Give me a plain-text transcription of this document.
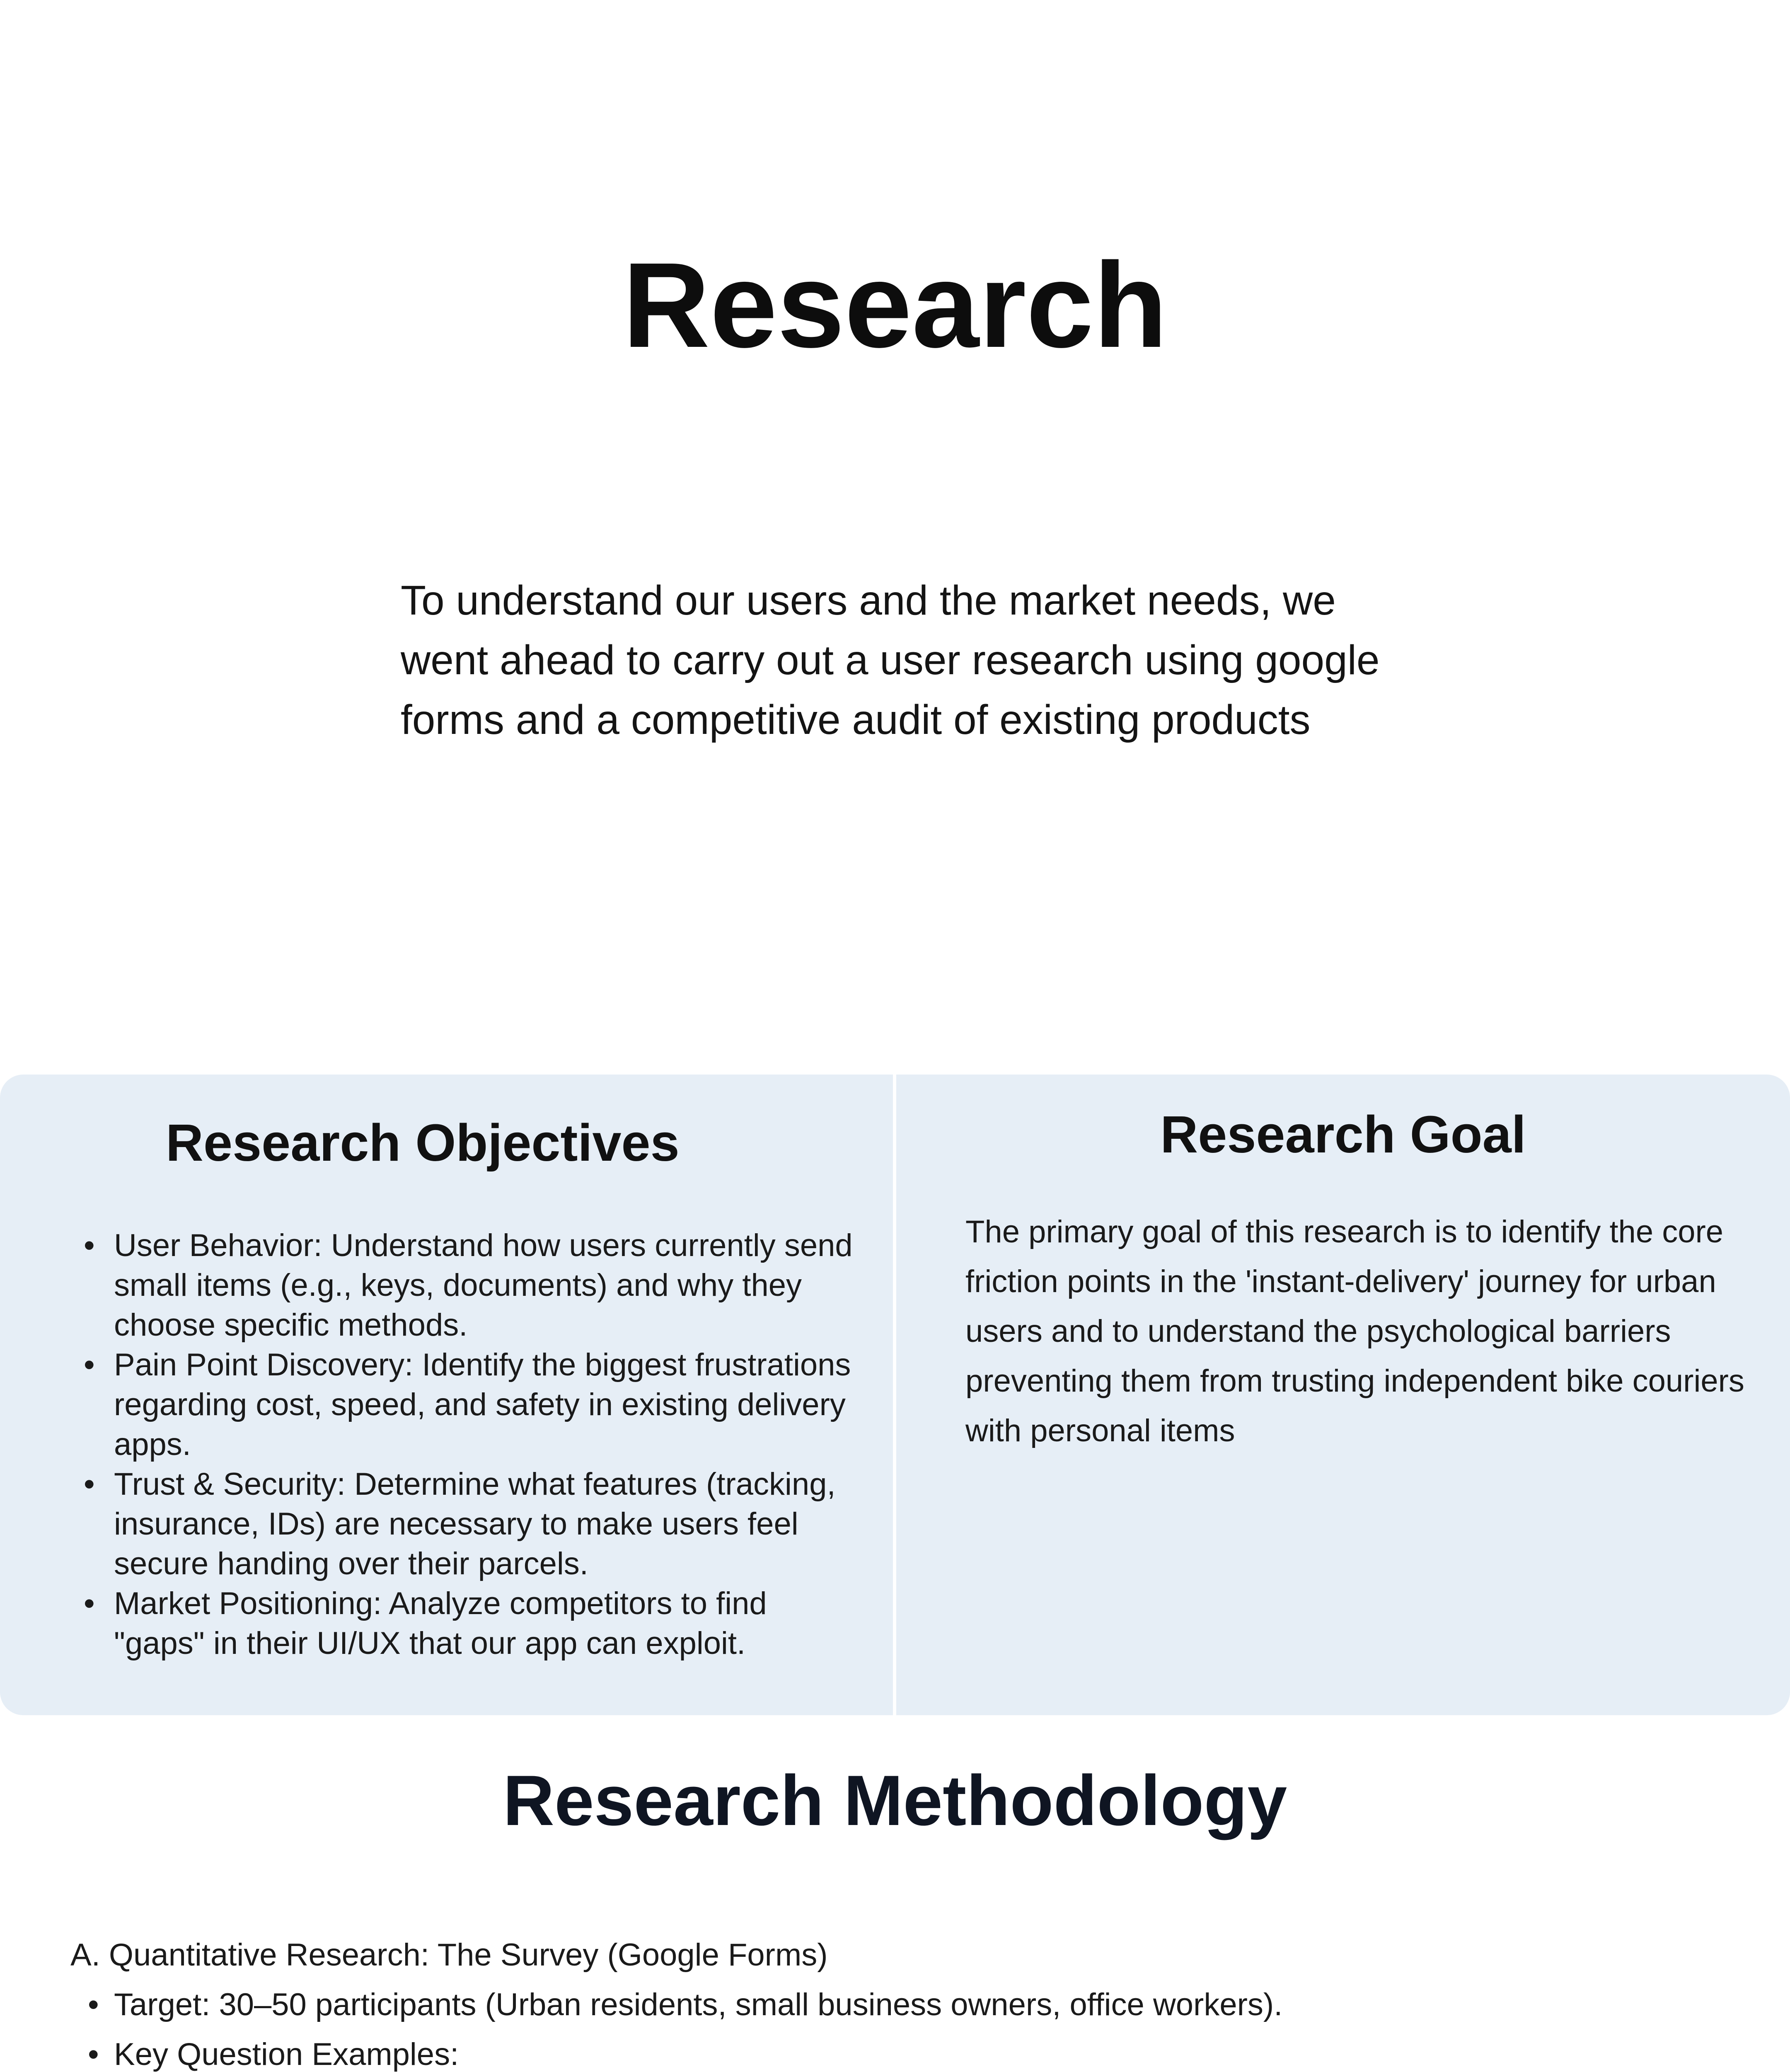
Research

To understand our users and the market needs, we went ahead to carry out a user research using google forms and a competitive audit of existing products

Research Objectives
• User Behavior: Understand how users currently send small items (e.g., keys, documents) and why they choose specific methods.
• Pain Point Discovery: Identify the biggest frustrations regarding cost, speed, and safety in existing delivery apps.
• Trust & Security: Determine what features (tracking, insurance, IDs) are necessary to make users feel secure handing over their parcels.
• Market Positioning: Analyze competitors to find "gaps" in their UI/UX that our app can exploit.
Research Goal

The primary goal of this research is to identify the core friction points in the 'instant-delivery' journey for urban users and to understand the psychological barriers preventing them from trusting independent bike couriers with personal items

Research Methodology
A. Quantitative Research: The Survey (Google Forms)
• Target: 30–50 participants (Urban residents, small business owners, office workers).
• Key Question Examples:
